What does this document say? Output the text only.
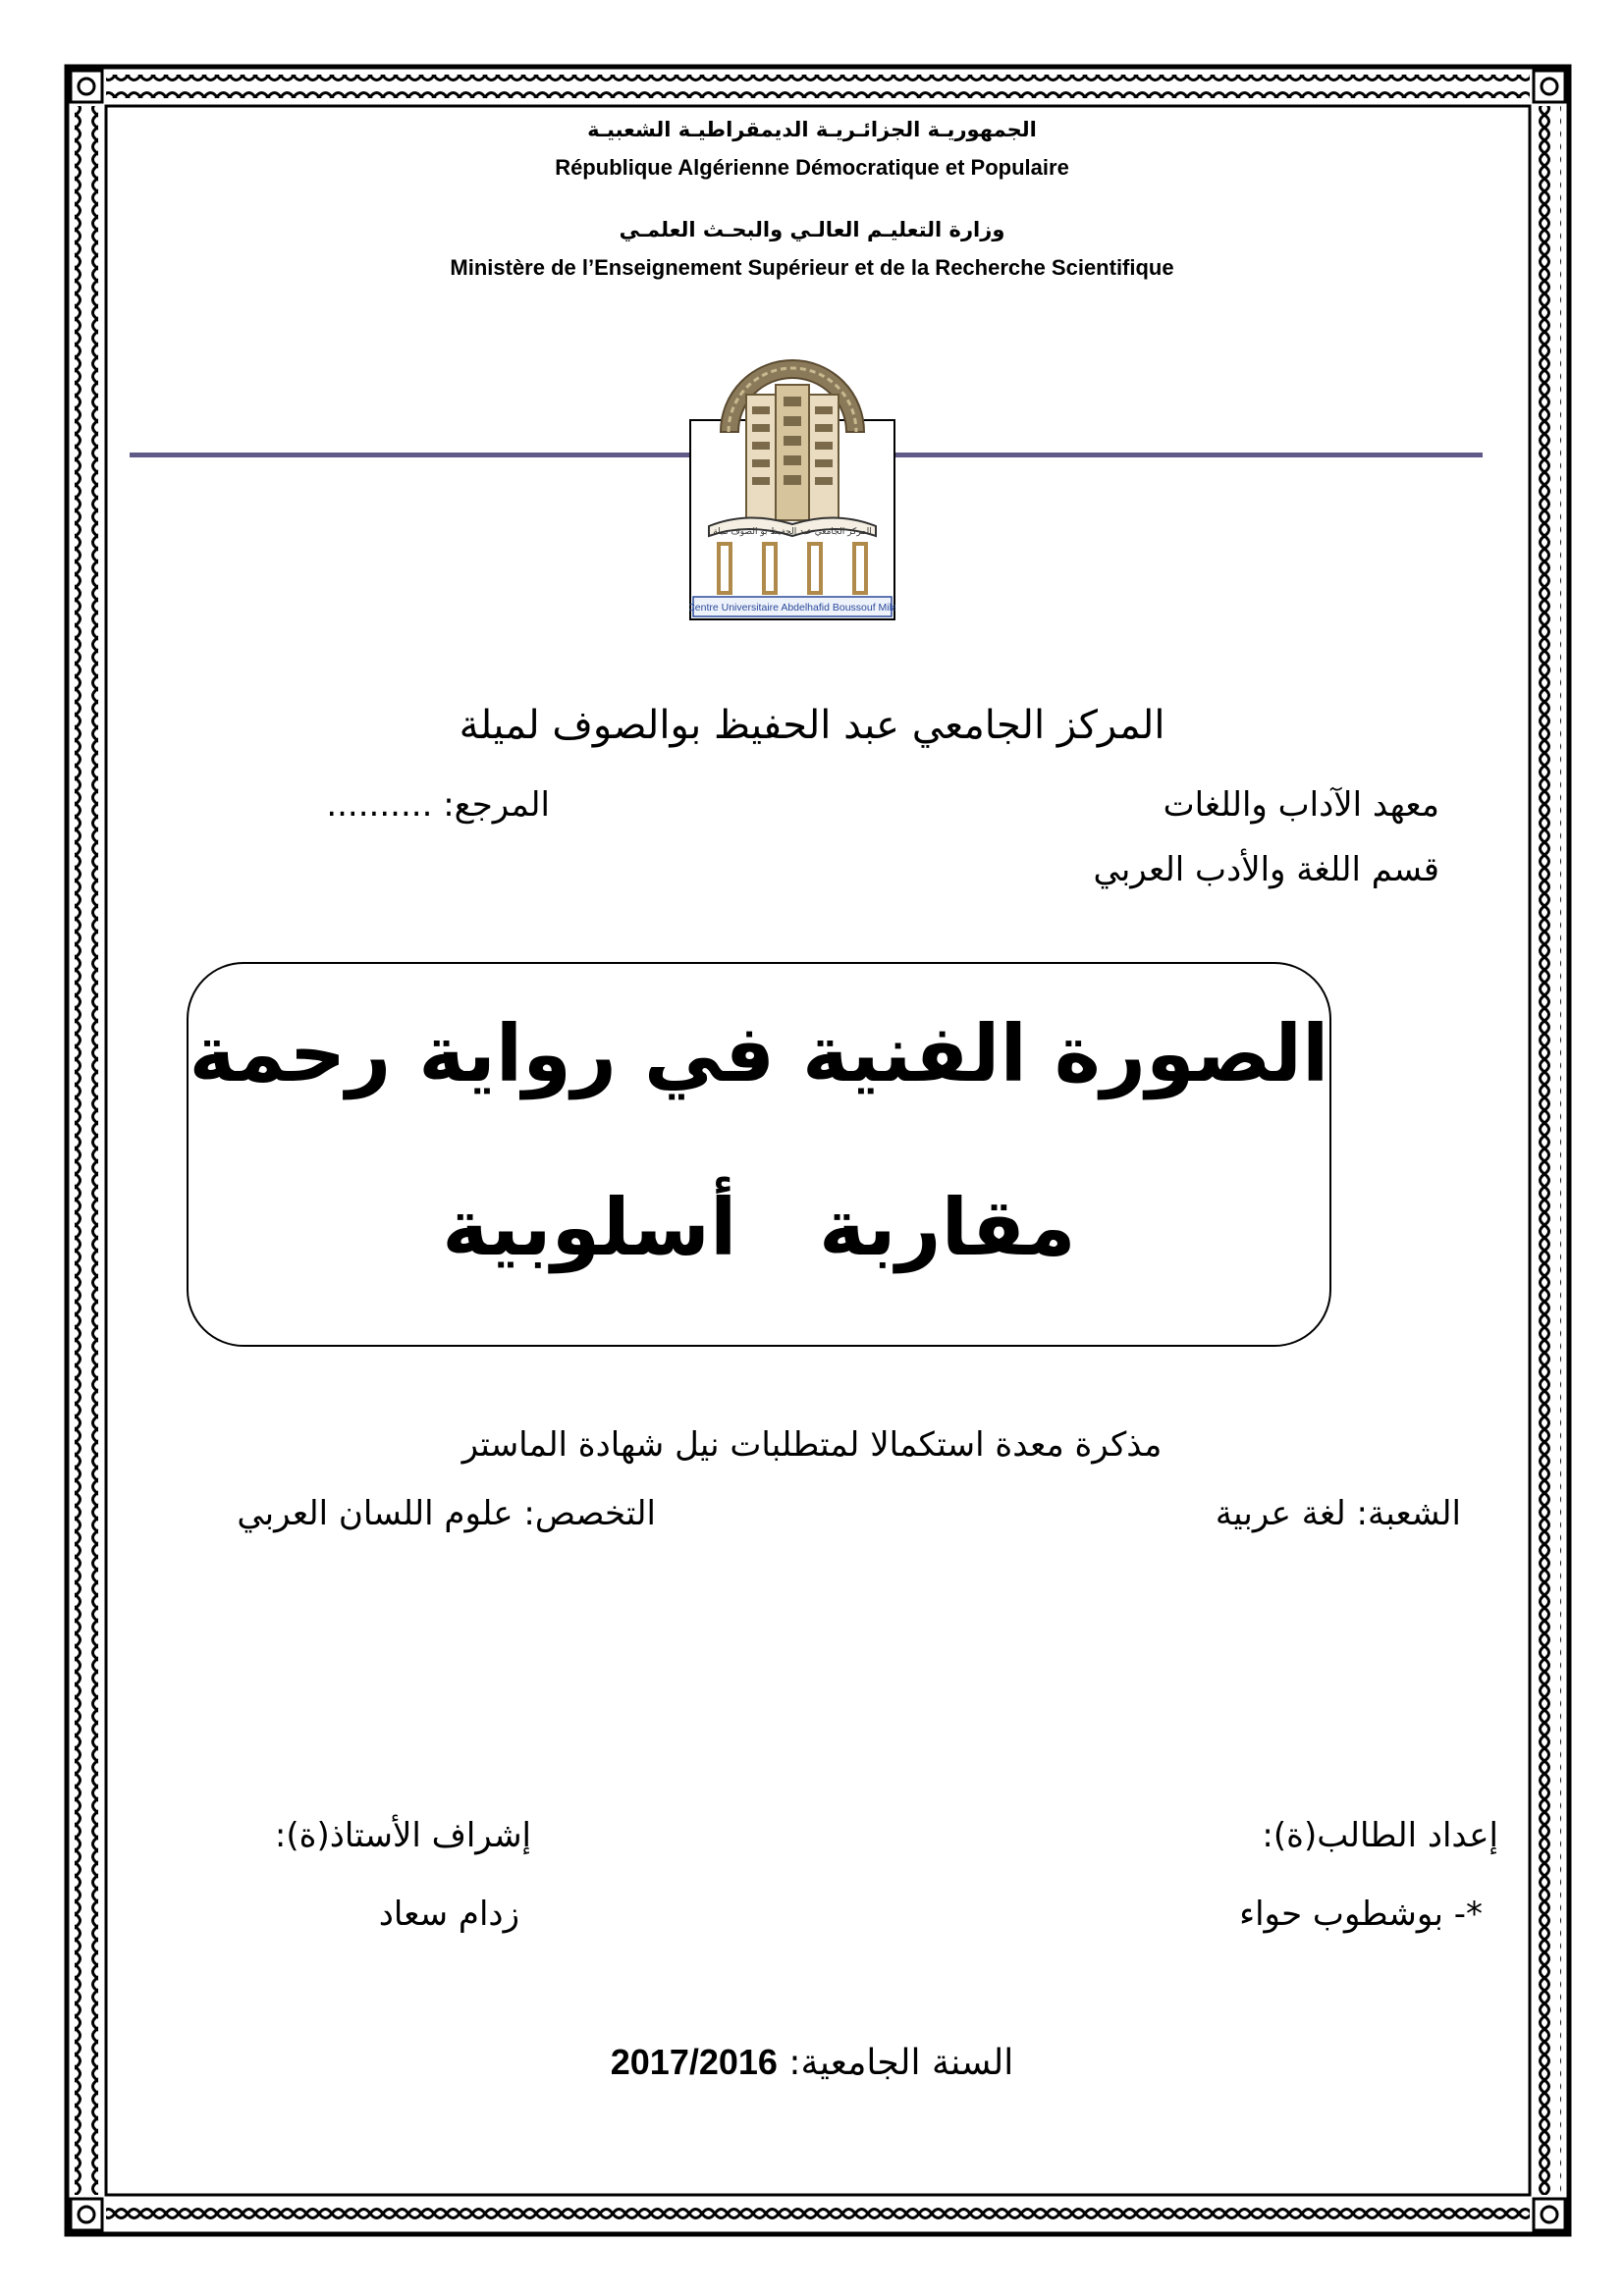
الجمهوريـة الجزائـريـة الديمقراطيـة الشعبيـة
République Algérienne Démocratique et Populaire
وزارة التعليـم العالـي والبحـث العلمـي
Ministère de l’Enseignement Supérieur et de la Recherche Scientifique
المركز الجامعي عبد الحفيظ بو الصوف ميلة
Centre Universitaire Abdelhafid Boussouf Mila
المركز الجامعي عبد الحفيظ بوالصوف لميلة
معهد الآداب واللغات
المرجع: ..........
قسم اللغة والأدب العربي
الصورة الفنية في رواية رحمة
مقاربة   أسلوبية
مذكرة معدة استكمالا لمتطلبات نيل شهادة الماستر
الشعبة: لغة عربية
التخصص: علوم اللسان العربي
إعداد الطالب(ة):
إشراف الأستاذ(ة):
*- بوشطوب حواء
زدام سعاد
السنة الجامعية: 2017/2016
